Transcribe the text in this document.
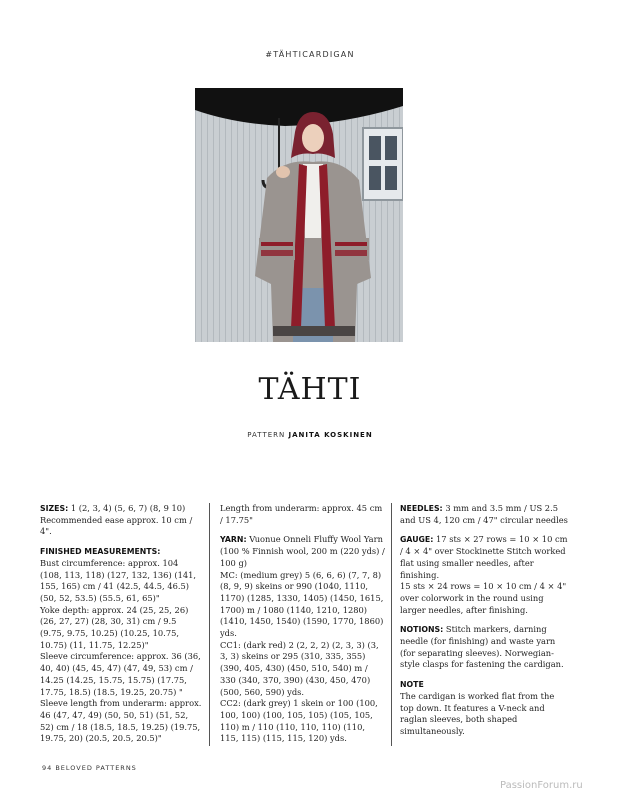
#TÄHTICARDIGAN
TÄHTI
PATTERN JANITA KOSKINEN
SIZES: 1 (2, 3, 4) (5, 6, 7) (8, 9 10)
Recommended ease approx. 10 cm / 4".
FINISHED MEASUREMENTS:
Bust circumference: approx. 104 (108, 113, 118) (127, 132, 136) (141, 155, 165) cm / 41 (42.5, 44.5, 46.5) (50, 52, 53.5) (55.5, 61, 65)"
Yoke depth: approx. 24 (25, 25, 26) (26, 27, 27) (28, 30, 31) cm / 9.5 (9.75, 9.75, 10.25) (10.25, 10.75, 10.75) (11, 11.75, 12.25)"
Sleeve circumference: approx. 36 (36, 40, 40) (45, 45, 47) (47, 49, 53) cm / 14.25 (14.25, 15.75, 15.75) (17.75, 17.75, 18.5) (18.5, 19.25, 20.75) "
Sleeve length from underarm: approx. 46 (47, 47, 49) (50, 50, 51) (51, 52, 52) cm / 18 (18.5, 18.5, 19.25) (19.75, 19.75, 20) (20.5, 20.5, 20.5)"
Length from underarm: approx. 45 cm / 17.75"
YARN: Vuonue Onneli Fluffy Wool Yarn (100 % Finnish wool, 200 m (220 yds) / 100 g)
MC: (medium grey) 5 (6, 6, 6) (7, 7, 8) (8, 9, 9) skeins or 990 (1040, 1110, 1170) (1285, 1330, 1405) (1450, 1615, 1700) m / 1080 (1140, 1210, 1280) (1410, 1450, 1540) (1590, 1770, 1860) yds.
CC1: (dark red) 2 (2, 2, 2) (2, 3, 3) (3, 3, 3) skeins or 295 (310, 335, 355) (390, 405, 430) (450, 510, 540) m / 330 (340, 370, 390) (430, 450, 470) (500, 560, 590) yds.
CC2: (dark grey) 1 skein or 100 (100, 100, 100) (100, 105, 105) (105, 105, 110) m / 110 (110, 110, 110) (110, 115, 115) (115, 115, 120) yds.
NEEDLES: 3 mm and 3.5 mm / US 2.5 and US 4, 120 cm / 47" circular needles
GAUGE: 17 sts × 27 rows = 10 × 10 cm / 4 × 4" over Stockinette Stitch worked flat using smaller needles, after finishing.
15 sts × 24 rows = 10 × 10 cm / 4 × 4" over colorwork in the round using larger needles, after finishing.
NOTIONS: Stitch markers, darning needle (for finishing) and waste yarn (for separating sleeves). Norwegian-style clasps for fastening the cardigan.
NOTE
The cardigan is worked flat from the top down. It features a V-neck and raglan sleeves, both shaped simultaneously.
94 BELOVED PATTERNS
PassionForum.ru
